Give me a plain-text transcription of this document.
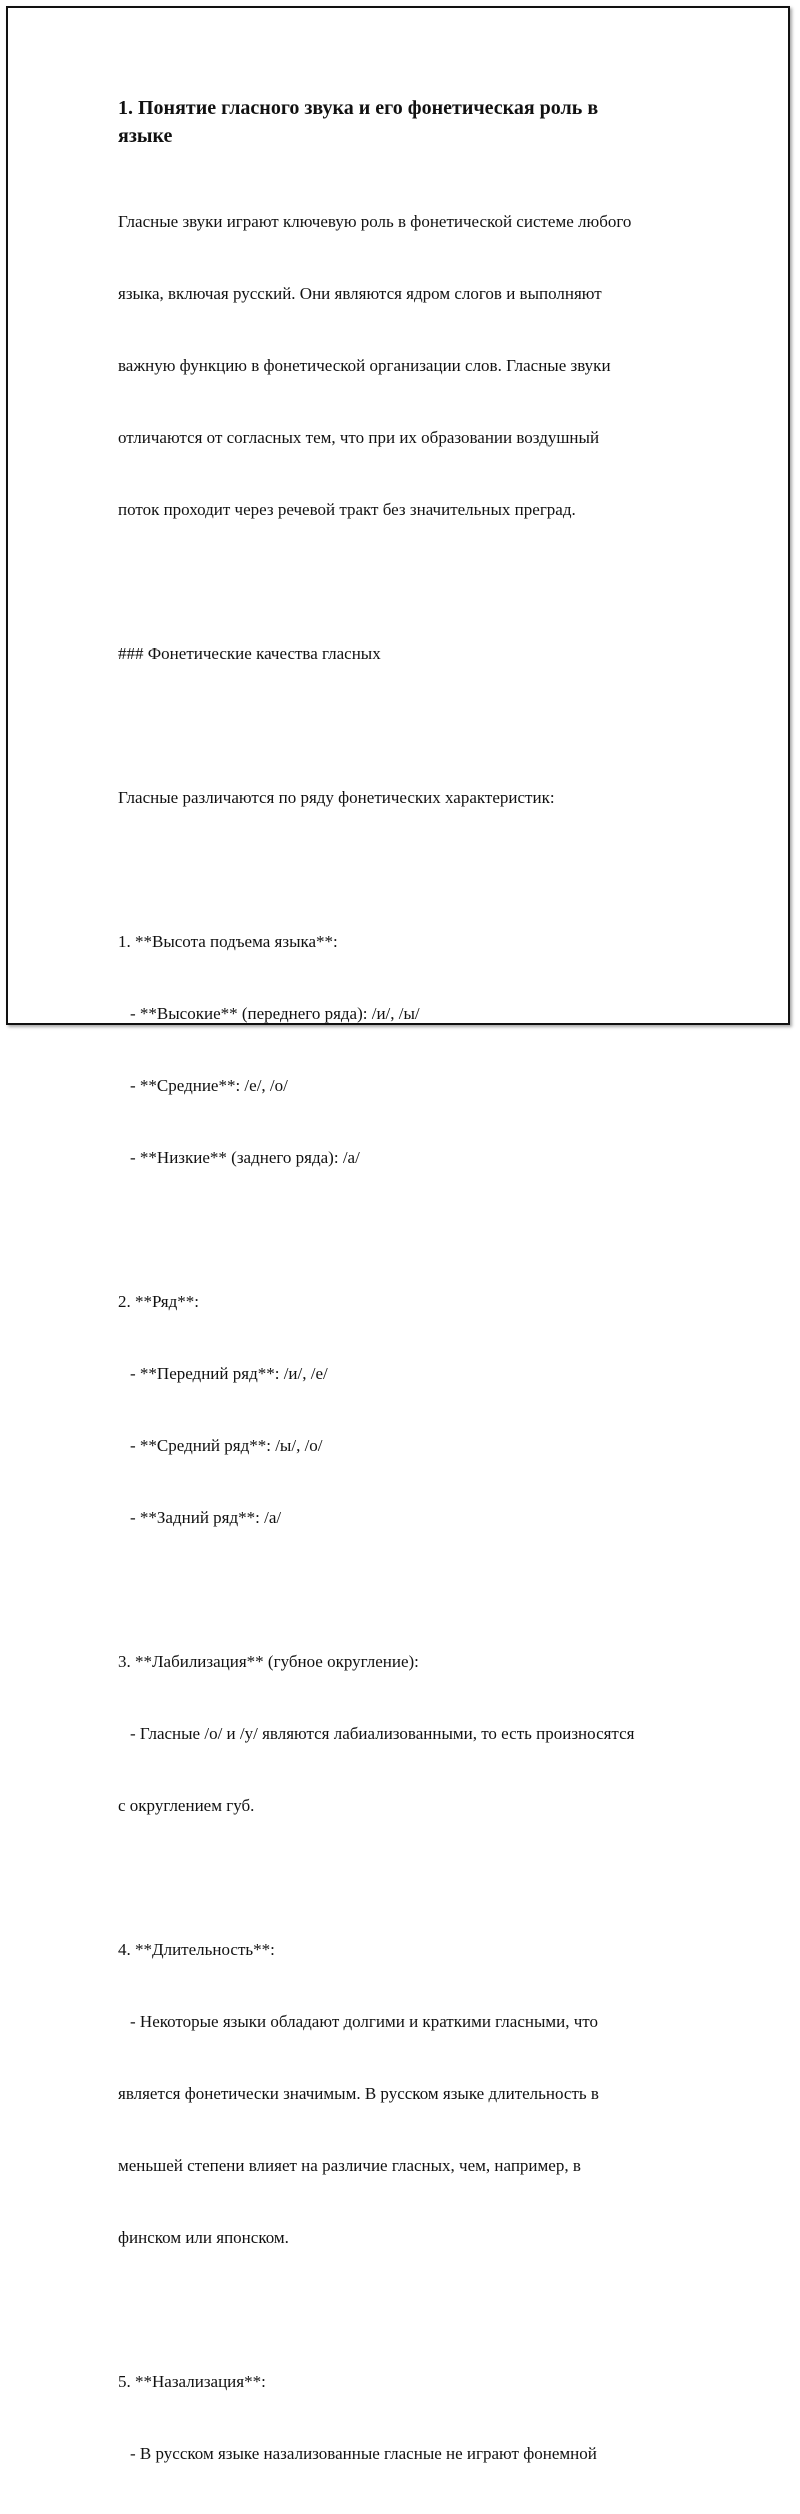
1. Понятие гласного звука и его фонетическая роль в
языке

Гласные звуки играют ключевую роль в фонетической системе любого

языка, включая русский. Они являются ядром слогов и выполняют

важную функцию в фонетической организации слов. Гласные звуки

отличаются от согласных тем, что при их образовании воздушный

поток проходит через речевой тракт без значительных преград.

### Фонетические качества гласных

Гласные различаются по ряду фонетических характеристик:

1. **Высота подъема языка**:

- **Высокие** (переднего ряда): /и/, /ы/

- **Средние**: /е/, /о/

- **Низкие** (заднего ряда): /а/

2. **Ряд**:

- **Передний ряд**: /и/, /е/

- **Средний ряд**: /ы/, /о/

- **Задний ряд**: /а/

3. **Лабилизация** (губное округление):

- Гласные /о/ и /у/ являются лабиализованными, то есть произносятся

с округлением губ.

4. **Длительность**:

- Некоторые языки обладают долгими и краткими гласными, что

является фонетически значимым. В русском языке длительность в

меньшей степени влияет на различие гласных, чем, например, в

финском или японском.

5. **Назализация**:

- В русском языке назализованные гласные не играют фонемной
